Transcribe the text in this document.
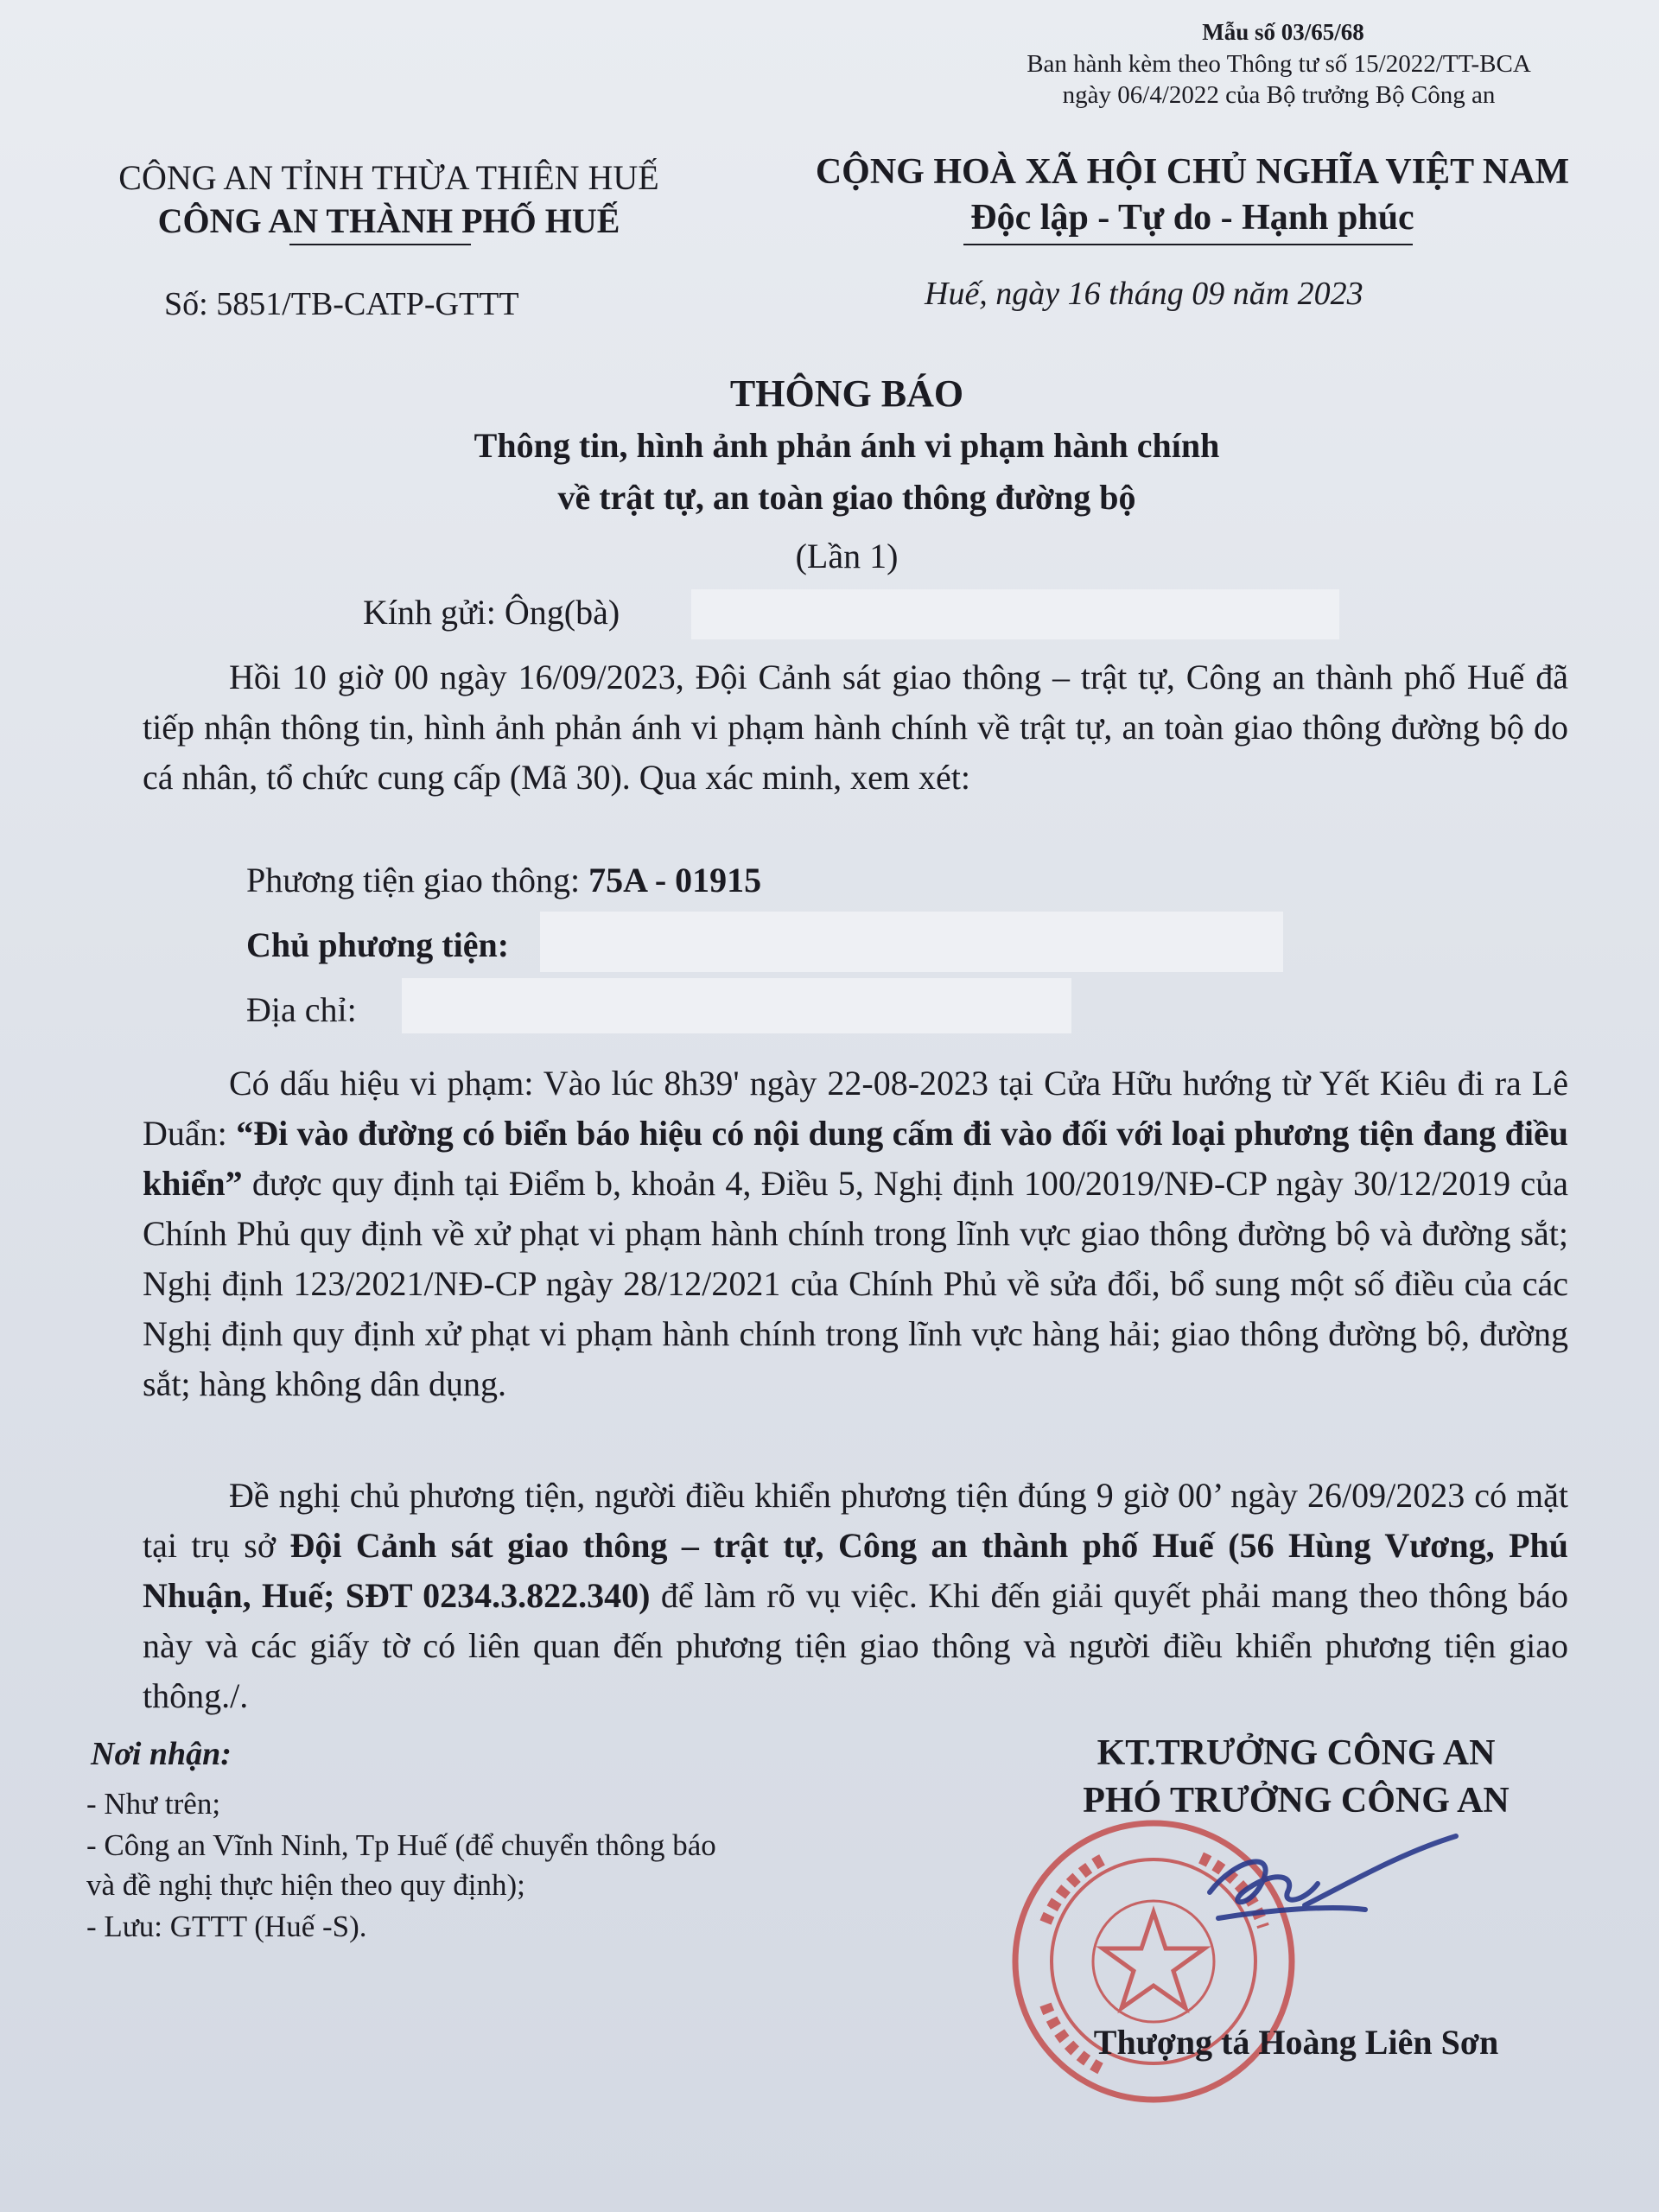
Mẫu số 03/65/68
Ban hành kèm theo Thông tư số 15/2022/TT-BCA
ngày 06/4/2022 của Bộ trưởng Bộ Công an
CÔNG AN TỈNH THỪA THIÊN HUẾ
CÔNG AN THÀNH PHỐ HUẾ
CỘNG HOÀ XÃ HỘI CHỦ NGHĨA VIỆT NAM
Độc lập - Tự do - Hạnh phúc
Số: 5851/TB-CATP-GTTT	Huế, ngày 16 tháng 09 năm 2023
THÔNG BÁO
Thông tin, hình ảnh phản ánh vi phạm hành chính
về trật tự, an toàn giao thông đường bộ
(Lần 1)
Kính gửi: Ông(bà)
Hồi 10 giờ 00 ngày 16/09/2023, Đội Cảnh sát giao thông – trật tự, Công an thành phố Huế đã tiếp nhận thông tin, hình ảnh phản ánh vi phạm hành chính về trật tự, an toàn giao thông đường bộ do cá nhân, tổ chức cung cấp (Mã 30). Qua xác minh, xem xét:
Phương tiện giao thông: 75A - 01915
Chủ phương tiện:
Địa chỉ:
Có dấu hiệu vi phạm: Vào lúc 8h39' ngày 22-08-2023 tại Cửa Hữu hướng từ Yết Kiêu đi ra Lê Duẩn: “Đi vào đường có biển báo hiệu có nội dung cấm đi vào đối với loại phương tiện đang điều khiển” được quy định tại Điểm b, khoản 4, Điều 5, Nghị định 100/2019/NĐ-CP ngày 30/12/2019 của Chính Phủ quy định về xử phạt vi phạm hành chính trong lĩnh vực giao thông đường bộ và đường sắt; Nghị định 123/2021/NĐ-CP ngày 28/12/2021 của Chính Phủ về sửa đổi, bổ sung một số điều của các Nghị định quy định xử phạt vi phạm hành chính trong lĩnh vực hàng hải; giao thông đường bộ, đường sắt; hàng không dân dụng.
Đề nghị chủ phương tiện, người điều khiển phương tiện đúng 9 giờ 00’ ngày 26/09/2023 có mặt tại trụ sở Đội Cảnh sát giao thông – trật tự, Công an thành phố Huế (56 Hùng Vương, Phú Nhuận, Huế; SĐT 0234.3.822.340) để làm rõ vụ việc. Khi đến giải quyết phải mang theo thông báo này và các giấy tờ có liên quan đến phương tiện giao thông và người điều khiển phương tiện giao thông./.
Nơi nhận:
- Như trên;
- Công an Vĩnh Ninh, Tp Huế (để chuyển thông báo
và đề nghị thực hiện theo quy định);
- Lưu: GTTT (Huế -S).
KT.TRƯỞNG CÔNG AN
PHÓ TRƯỞNG CÔNG AN
Thượng tá Hoàng Liên Sơn
